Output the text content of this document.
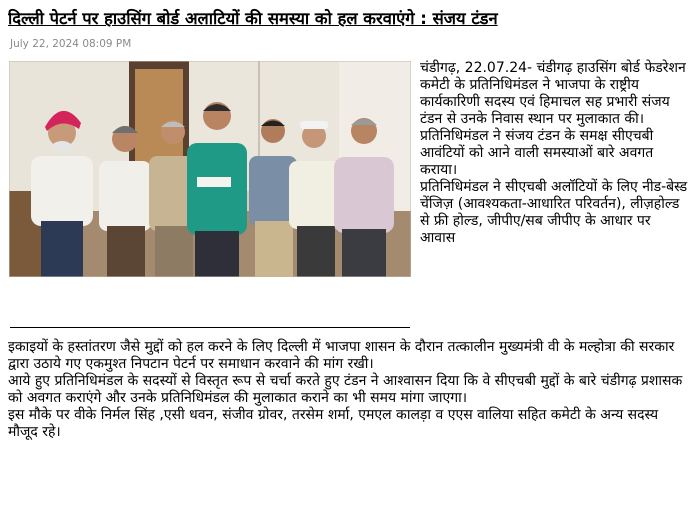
दिल्ली पेटर्न पर हाउसिंग बोर्ड अलाटियों की समस्या को हल करवाएंगे : संजय टंडन
July 22, 2024 08:09 PM

चंडीगढ़, 22.07.24- चंडीगढ़ हाउसिंग बोर्ड फेडरेशन कमेटी के प्रतिनिधिमंडल ने भाजपा के राष्ट्रीय कार्यकारिणी सदस्य एवं हिमाचल सह प्रभारी संजय टंडन से उनके निवास स्थान पर मुलाकात की।

प्रतिनिधिमंडल ने संजय टंडन के समक्ष सीएचबी आवंटियों को आने वाली समस्याओं बारे अवगत कराया।

प्रतिनिधिमंडल ने सीएचबी अलॉटियों के लिए नीड-बेस्ड चेंजिज़ (आवश्यकता-आधारित परिवर्तन), लीज़होल्ड से फ्री होल्ड, जीपीए/सब जीपीए के आधार पर आवास

इकाइयों के हस्तांतरण जैसे मुद्दों को हल करने के लिए दिल्ली में भाजपा शासन के दौरान तत्कालीन मुख्यमंत्री वी के मल्होत्रा की सरकार द्वारा उठाये गए एकमुश्त निपटान पेटर्न पर समाधान करवाने की मांग रखी।

आये हुए प्रतिनिधिमंडल के सदस्यों से विस्तृत रूप से चर्चा करते हुए टंडन ने आश्वासन दिया कि वे सीएचबी मुद्दों के बारे चंडीगढ़ प्रशासक को अवगत कराएंगे और उनके प्रतिनिधिमंडल की मुलाकात कराने का भी समय मांगा जाएगा।

इस मौके पर वीके निर्मल सिंह ,एसी धवन, संजीव ग्रोवर, तरसेम शर्मा, एमएल कालड़ा व एएस वालिया सहित कमेटी के अन्य सदस्य मौजूद रहे।
